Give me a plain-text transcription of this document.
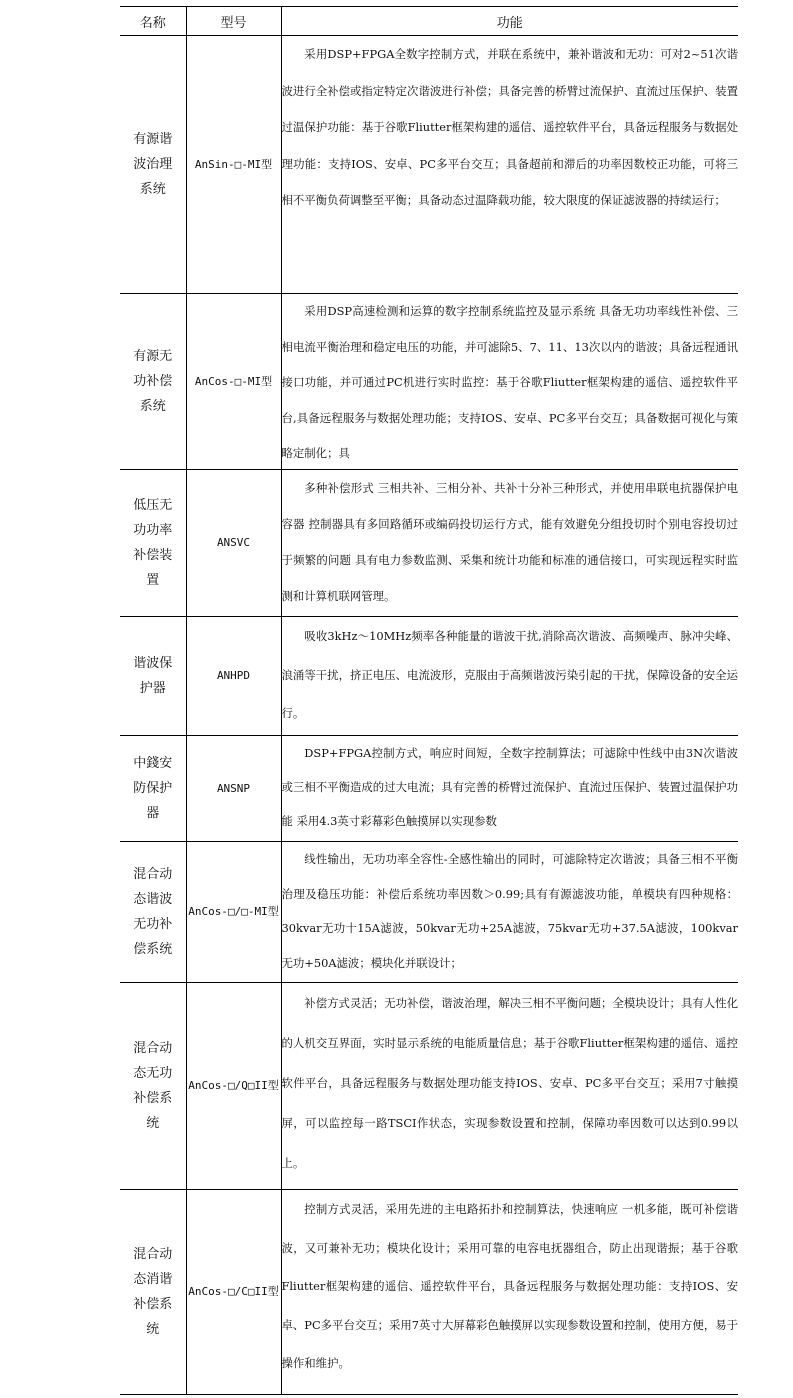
名称	型号	功能

有源谐波治理系统	AnSin-□-MI型	采用DSP+FPGA全数字控制方式，并联在系统中，兼补谐波和无功：可对2~51次谐波进行全补偿或指定特定次谐波进行补偿；具备完善的桥臂过流保护、直流过压保护、装置过温保护功能：基于谷歌Fliutter框架构建的遥信、遥控软件平台，具备远程服务与数据处理功能：支持IOS、安卓、PC多平台交互；具备超前和滞后的功率因数校正功能，可将三相不平衡负荷调整至平衡；具备动态过温降载功能，较大限度的保证滤波器的持续运行；

有源无功补偿系统	AnCos-□-MI型	采用DSP高速检测和运算的数字控制系统监控及显示系统 具备无功功率线性补偿、三相电流平衡治理和稳定电压的功能，并可滤除5、7、11、13次以内的谐波；具备远程通讯接口功能，并可通过PC机进行实时监控：基于谷歌Fliutter框架构建的遥信、遥控软件平台,具备远程服务与数据处理功能；支持IOS、安卓、PC多平台交互；具备数据可视化与策略定制化；具

低压无功功率补偿装置	ANSVC	多种补偿形式 三相共补、三相分补、共补十分补三种形式，并使用串联电抗器保护电容器 控制器具有多回路循环或编码投切运行方式，能有效避免分组投切时个别电容投切过于频繁的问题 具有电力参数监测、采集和统计功能和标准的通信接口，可实现远程实时监测和计算机联网管理。

谐波保护器	ANHPD	吸收3kHz～10MHz频率各种能量的谐波干扰,消除高次谐波、高频噪声、脉冲尖峰、浪涌等干扰，挤正电压、电流波形，克服由于高频谐波污染引起的干扰，保障设备的安全运行。

中錢安防保护器	ANSNP	DSP+FPGA控制方式，响应时间短，全数字控制算法；可滤除中性线中由3N次谐波或三相不平衡造成的过大电流；具有完善的桥臂过流保护、直流过压保护、装置过温保护功能 采用4.3英寸彩幕彩色触摸屏以实现参数

混合动态谐波无功补偿系统	AnCos-□/□-MI型	线性输出，无功功率全容性-全感性输出的同时，可滤除特定次谐波；具备三相不平衡治理及稳压功能：补偿后系统功率因数＞0.99;具有有源滤波功能，单模块有四种规格：30kvar无功十15A滤波，50kvar无功+25A滤波，75kvar无功+37.5A滤波，100kvar无功+50A滤波；模块化并联设计；

混合动态无功补偿系统	AnCos-□/Q□II型	补偿方式灵活；无功补偿，谐波治理，解决三相不平衡问题；全模块设计；具有人性化的人机交互界面，实时显示系统的电能质量信息；基于谷歌Fliutter框架构建的遥信、遥控软件平台，具备远程服务与数据处理功能支持IOS、安卓、PC多平台交互；采用7寸触摸屏，可以监控每一路TSCI作状态，实现参数设置和控制，保障功率因数可以达到0.99以上。

混合动态消谐补偿系统	AnCos-□/C□II型	控制方式灵活，采用先进的主电路拓扑和控制算法，快速响应 一机多能，既可补偿谐波，又可兼补无功；模块化设计；采用可靠的电容电抚器组合，防止出现谐振；基于谷歌Fliutter框架构建的遥信、遥控软件平台，具备远程服务与数据处理功能：支持IOS、安卓、PC多平台交互；采用7英寸大屏幕彩色触摸屏以实现参数设置和控制，使用方便，易于操作和维护。
